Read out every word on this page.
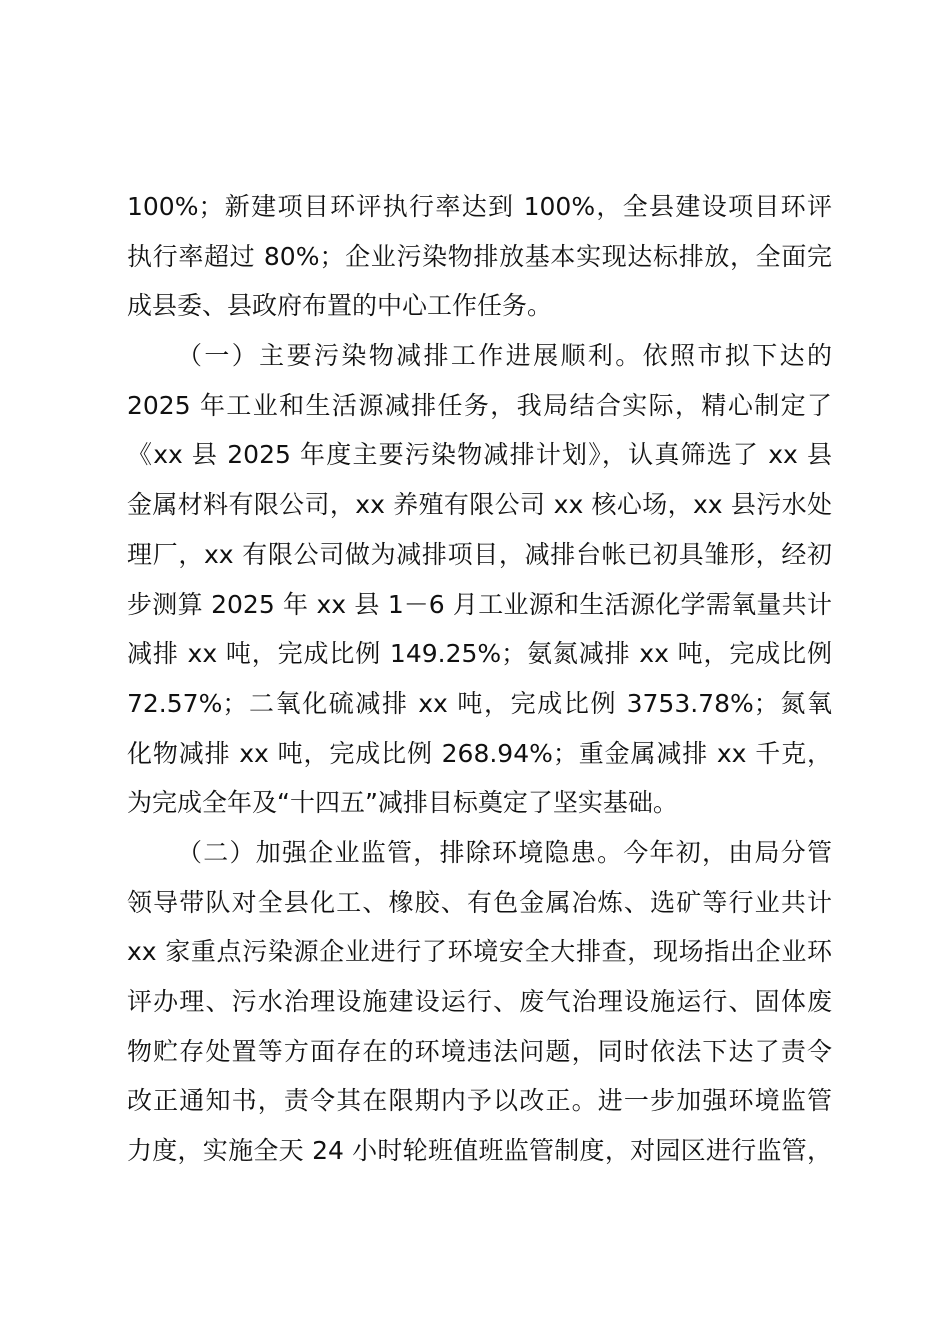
100%；新建项目环评执行率达到 100%，全县建设项目环评
执行率超过 80%；企业污染物排放基本实现达标排放，全面完
成县委、县政府布置的中心工作任务。
（一）主要污染物减排工作进展顺利。依照市拟下达的
2025 年工业和生活源减排任务，我局结合实际，精心制定了
《xx 县 2025 年度主要污染物减排计划》，认真筛选了 xx 县
金属材料有限公司，xx 养殖有限公司 xx 核心场，xx 县污水处
理厂，xx 有限公司做为减排项目，减排台帐已初具雏形，经初
步测算 2025 年 xx 县 1－6 月工业源和生活源化学需氧量共计
减排 xx 吨，完成比例 149.25%；氨氮减排 xx 吨，完成比例
72.57%；二氧化硫减排 xx 吨，完成比例 3753.78%；氮氧
化物减排 xx 吨，完成比例 268.94%；重金属减排 xx 千克，
为完成全年及“十四五”减排目标奠定了坚实基础。
（二）加强企业监管，排除环境隐患。今年初，由局分管
领导带队对全县化工、橡胶、有色金属冶炼、选矿等行业共计
xx 家重点污染源企业进行了环境安全大排查，现场指出企业环
评办理、污水治理设施建设运行、废气治理设施运行、固体废
物贮存处置等方面存在的环境违法问题，同时依法下达了责令
改正通知书，责令其在限期内予以改正。进一步加强环境监管
力度，实施全天 24 小时轮班值班监管制度，对园区进行监管，
